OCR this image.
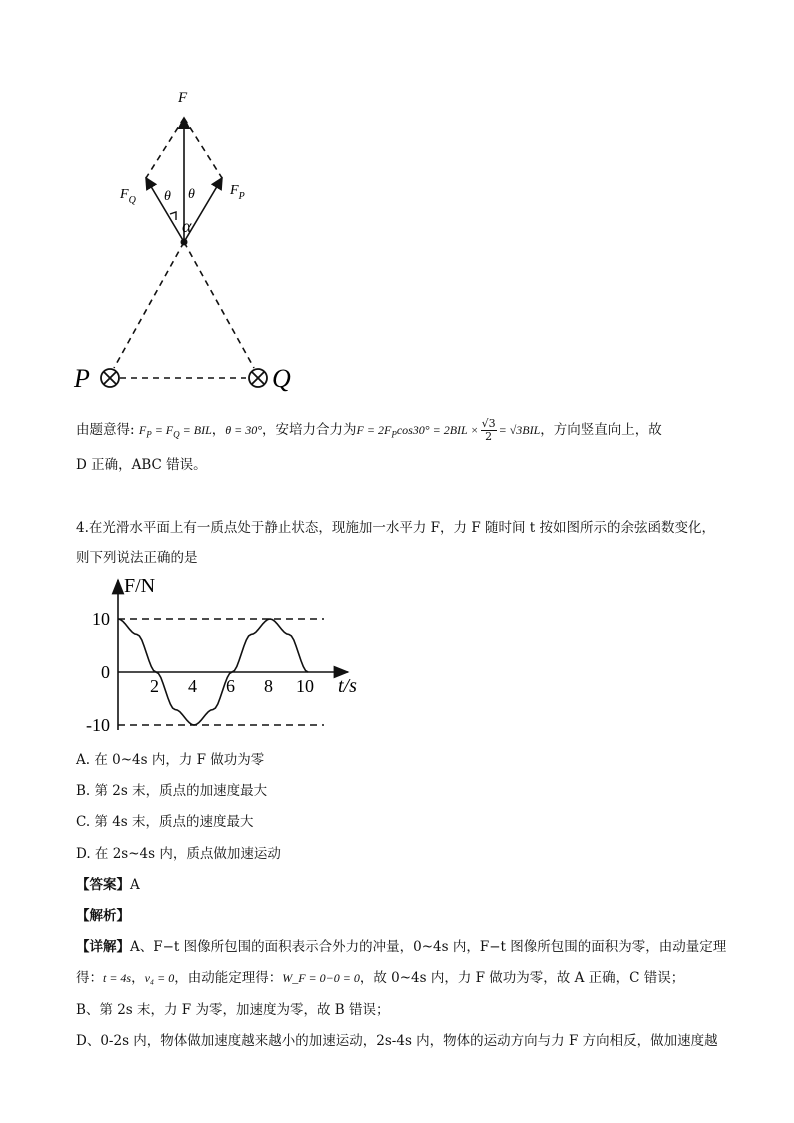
F
$F_Q$
$F_P$
θ θ
α
P	Q
由题意得: $F_P = F_Q$ = BIL，θ = 30°，安培力合力为$F = 2F_P\cos 30^\circ = 2BIL \times \frac{√3}{2} = √3BIL$，方向竖直向上，故
D 正确，ABC 错误。
4.在光滑水平面上有一质点处于静止状态，现施加一水平力 F，力 F 随时间 t 按如图所示的余弦函数变化，
则下列说法正确的是
2 4 6 8 10
10
0
-10
F/N
t/s
A. 在 0~4s 内，力 F 做功为零
B. 第 2s 末，质点的加速度最大
C. 第 4s 末，质点的速度最大
D. 在 2s~4s 内，质点做加速运动
【答案】A
【解析】
【详解】A、F−t 图像所包围的面积表示合外力的冲量，0~4s 内，F−t 图像所包围的面积为零，由动量定理
得：t = 4s，v₄ = 0，由动能定理得：W_F = 0−0 = 0，故 0~4s 内，力 F 做功为零，故 A 正确，C 错误；
B、第 2s 末，力 F 为零，加速度为零，故 B 错误；
D、0-2s 内，物体做加速度越来越小的加速运动，2s-4s 内，物体的运动方向与力 F 方向相反，做加速度越
